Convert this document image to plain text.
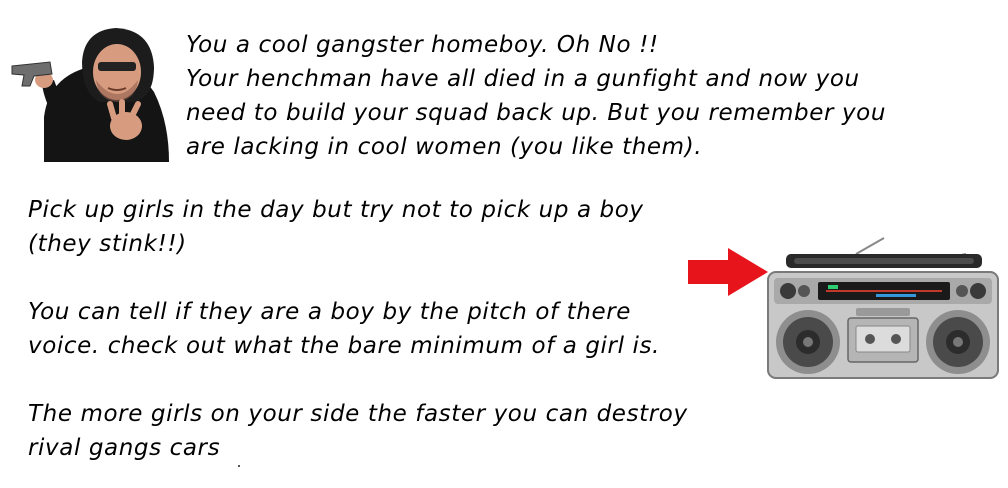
You a cool gangster homeboy. Oh No !!
Your henchman have all died in a gunfight and now you
need to build your squad back up. But you remember you
are lacking in cool women (you like them).

Pick up girls in the day but try not to pick up a boy
(they stink!!)

You can tell if they are a boy by the pitch of there
voice. check out what the bare minimum of a girl is.

The more girls on your side the faster you can destroy
rival gangs cars
